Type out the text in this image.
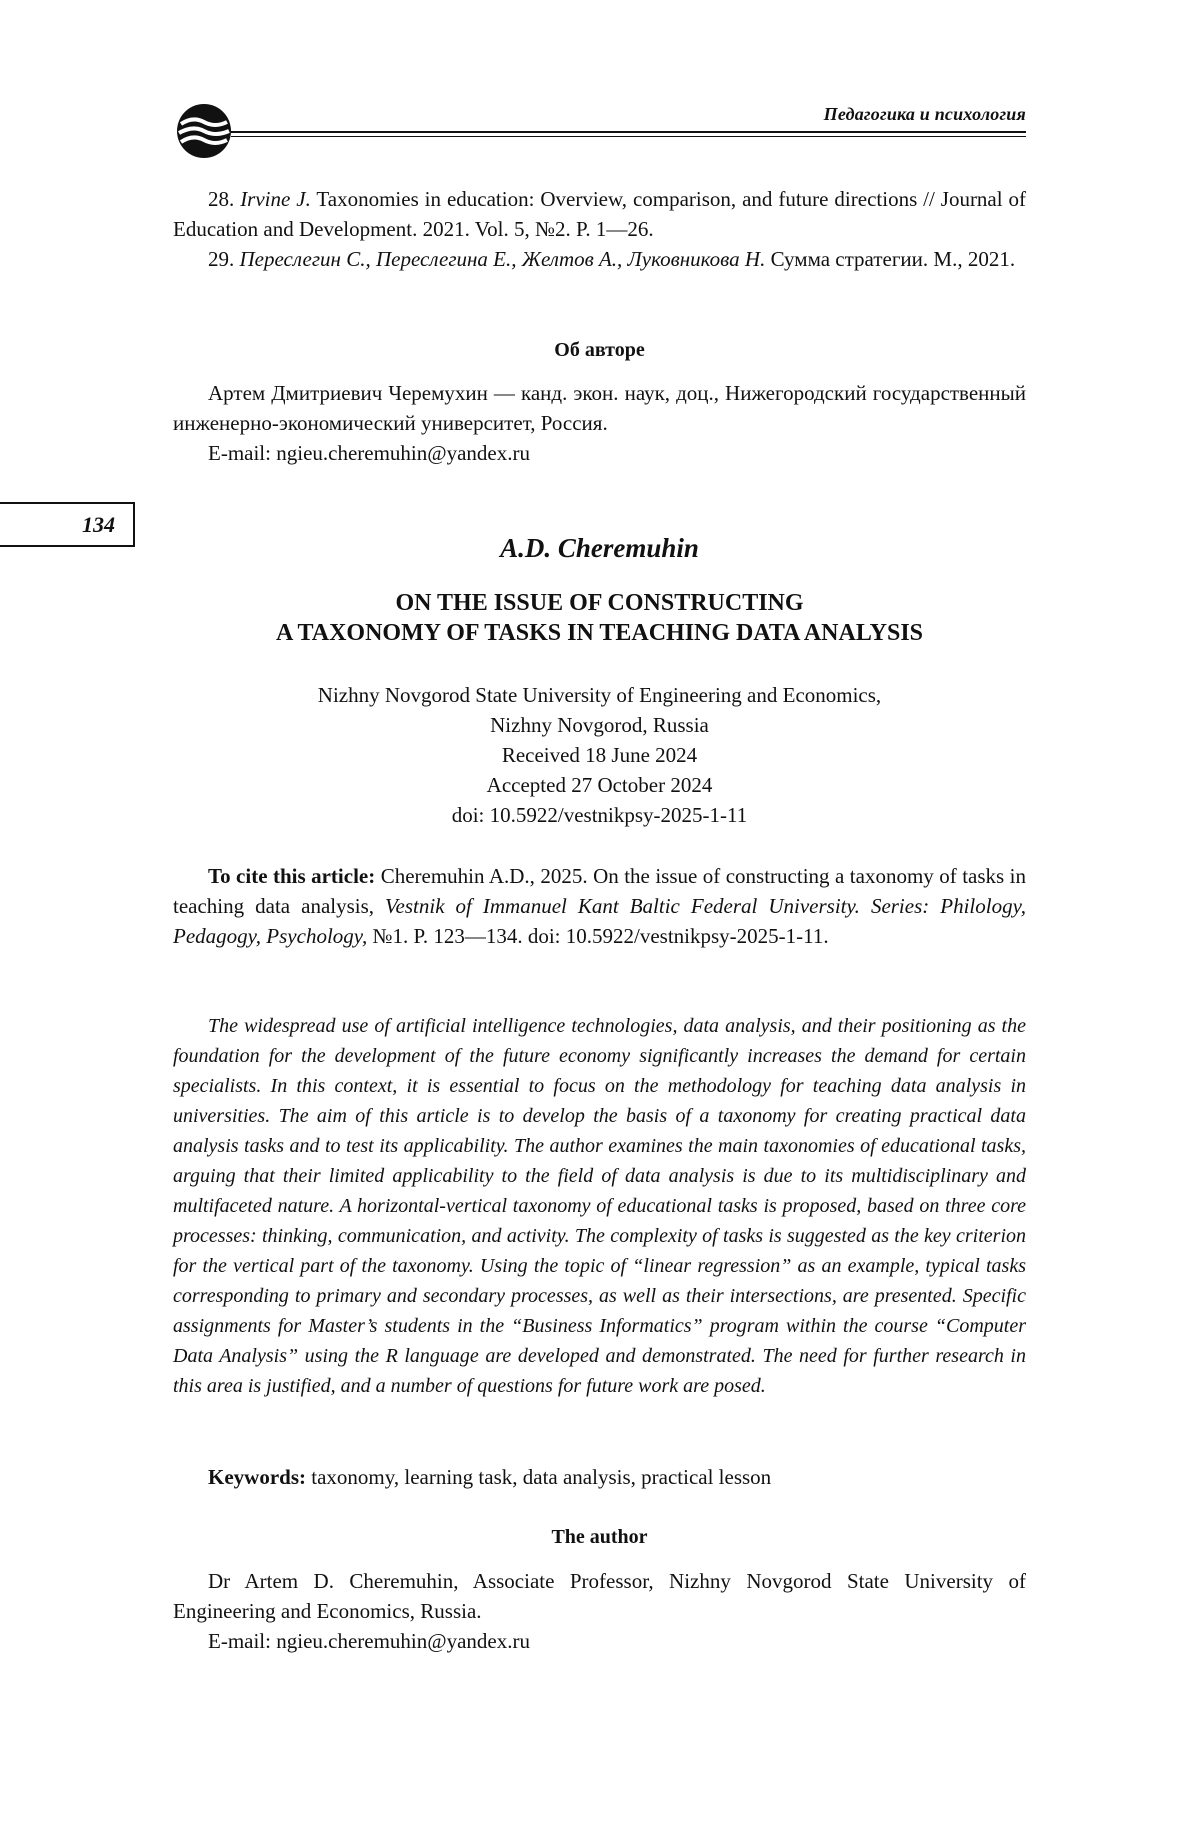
Педагогика и психология

28. Irvine J. Taxonomies in education: Overview, comparison, and future directions // Journal of Education and Development. 2021. Vol. 5, №2. P. 1—26.

29. Переслегин С., Переслегина Е., Желтов А., Луковникова Н. Сумма стратегии. М., 2021.

Об авторе

Артем Дмитриевич Черемухин — канд. экон. наук, доц., Нижегородский государственный инженерно-экономический университет, Россия.

E-mail: ngieu.cheremuhin@yandex.ru

134
A.D. Cheremuhin
ON THE ISSUE OF CONSTRUCTING
A TAXONOMY OF TASKS IN TEACHING DATA ANALYSIS
Nizhny Novgorod State University of Engineering and Economics,
Nizhny Novgorod, Russia
Received 18 June 2024
Accepted 27 October 2024
doi: 10.5922/vestnikpsy-2025-1-11

To cite this article: Cheremuhin A.D., 2025. On the issue of constructing a taxonomy of tasks in teaching data analysis, Vestnik of Immanuel Kant Baltic Federal University. Series: Philology, Pedagogy, Psychology, №1. P. 123—134. doi: 10.5922/vestnikpsy-2025-1-11.

The widespread use of artificial intelligence technologies, data analysis, and their positioning as the foundation for the development of the future economy significantly increases the demand for certain specialists. In this context, it is essential to focus on the methodology for teaching data analysis in universities. The aim of this article is to develop the basis of a taxonomy for creating practical data analysis tasks and to test its applicability. The author examines the main taxonomies of educational tasks, arguing that their limited applicability to the field of data analysis is due to its multidisciplinary and multifaceted nature. A horizontal-vertical taxonomy of educational tasks is proposed, based on three core processes: thinking, communication, and activity. The complexity of tasks is suggested as the key criterion for the vertical part of the taxonomy. Using the topic of “linear regression” as an example, typical tasks corresponding to primary and secondary processes, as well as their intersections, are presented. Specific assignments for Master’s students in the “Business Informatics” program within the course “Computer Data Analysis” using the R language are developed and demonstrated. The need for further research in this area is justified, and a number of questions for future work are posed.

Keywords: taxonomy, learning task, data analysis, practical lesson

The author

Dr Artem D. Cheremuhin, Associate Professor, Nizhny Novgorod State University of Engineering and Economics, Russia.

E-mail: ngieu.cheremuhin@yandex.ru
